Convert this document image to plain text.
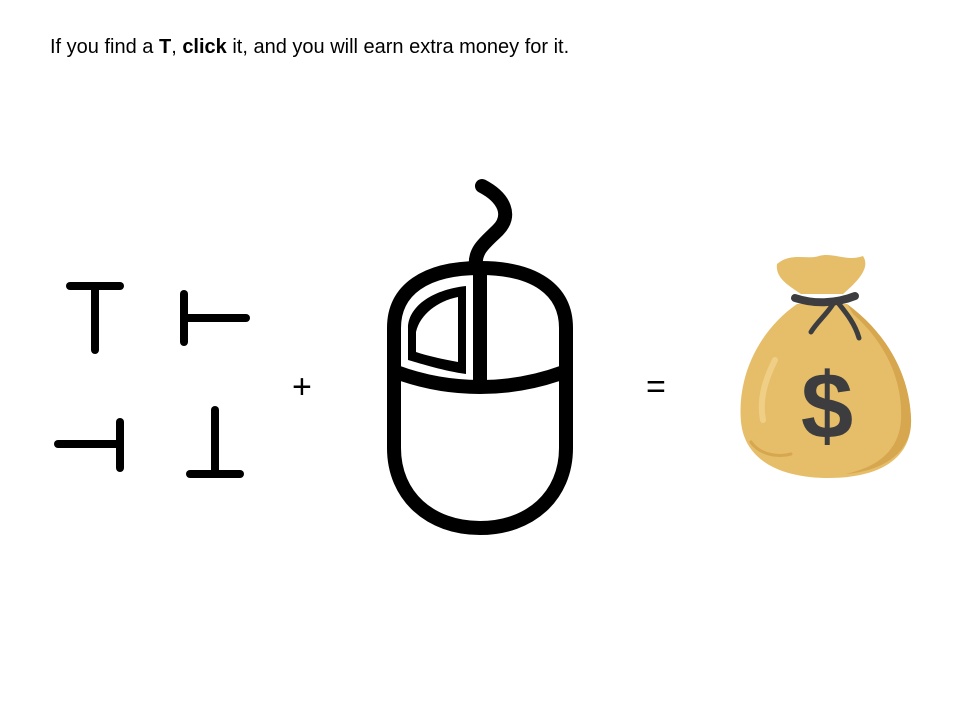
If you find a T, click it, and you will earn extra money for it.
+	= $
